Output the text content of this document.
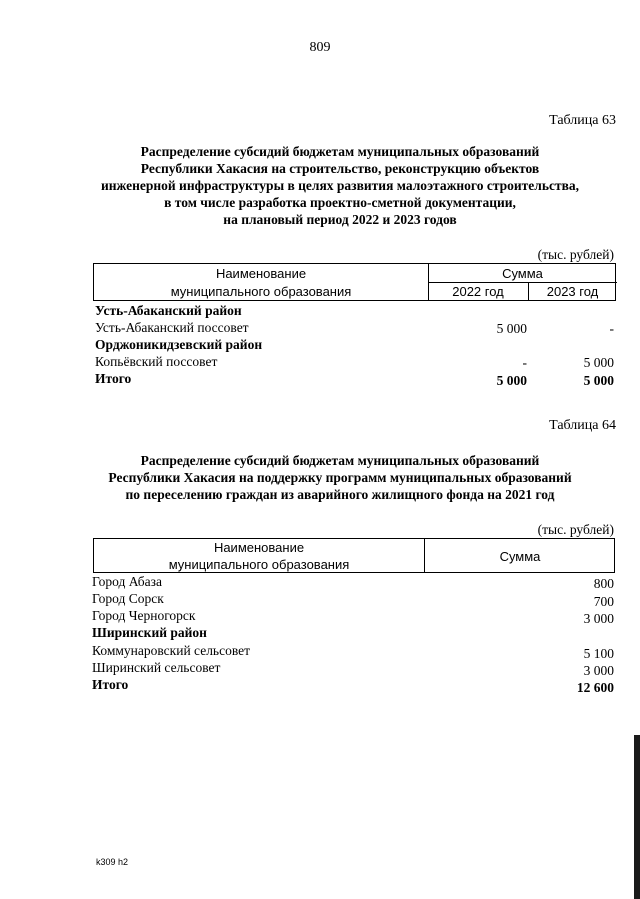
809
Таблица 63
Распределение субсидий бюджетам муниципальных образований
Республики Хакасия на строительство, реконструкцию объектов
инженерной инфраструктуры в целях развития малоэтажного строительства,
в том числе разработка проектно-сметной документации,
на плановый период 2022 и 2023 годов
(тыс. рублей)
Наименование
муниципального образования
Сумма
2022 год	2023 год
Усть-Абаканский район
Усть-Абаканский поссовет	5 000	-
Орджоникидзевский район
Копьёвский поссовет	-	5 000
Итого	5 000	5 000
Таблица 64
Распределение субсидий бюджетам муниципальных образований
Республики Хакасия на поддержку программ муниципальных образований
по переселению граждан из аварийного жилищного фонда на 2021 год
(тыс. рублей)
Наименование
муниципального образования
Сумма
Город Абаза	800
Город Сорск	700
Город Черногорск	3 000
Ширинский район
Коммунаровский сельсовет	5 100
Ширинский сельсовет	3 000
Итого	12 600
k309 h2
